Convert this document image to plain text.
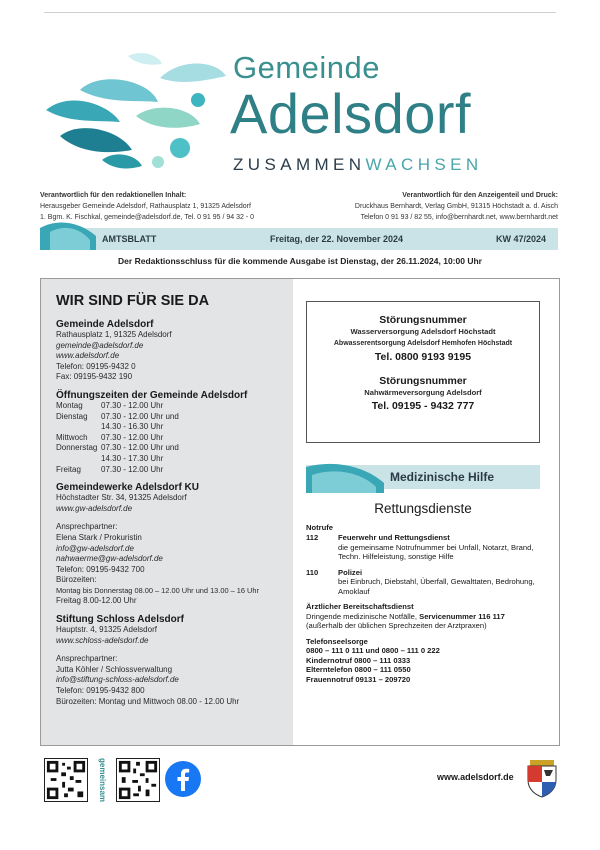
Gemeinde
Adelsdorf
ZUSAMMENWACHSEN
Verantwortlich für den redaktionellen Inhalt:
Herausgeber Gemeinde Adelsdorf, Rathausplatz 1, 91325 Adelsdorf
1. Bgm. K. Fischkal, gemeinde@adelsdorf.de, Tel. 0 91 95 / 94 32 - 0
Verantwortlich für den Anzeigenteil und Druck:
Druckhaus Bernhardt, Verlag GmbH, 91315 Höchstadt a. d. Aisch
Telefon 0 91 93 / 82 55, info@bernhardt.net, www.bernhardt.net
AMTSBLATT	Freitag, der 22. November 2024	KW 47/2024
Der Redaktionsschluss für die kommende Ausgabe ist Dienstag, der 26.11.2024, 10:00 Uhr
WIR SIND FÜR SIE DA
Gemeinde Adelsdorf
Rathausplatz 1, 91325 Adelsdorf
gemeinde@adelsdorf.de
www.adelsdorf.de
Telefon: 09195-9432 0
Fax: 09195-9432 190
Öffnungszeiten der Gemeinde Adelsdorf
Montag	07.30 - 12.00 Uhr
Dienstag	07.30 - 12.00 Uhr und
14.30 - 16.30 Uhr
Mittwoch	07.30 - 12.00 Uhr
Donnerstag 07.30 - 12.00 Uhr und
14.30 - 17.30 Uhr
Freitag	07.30 - 12.00 Uhr
Gemeindewerke Adelsdorf KU
Höchstadter Str. 34, 91325 Adelsdorf
www.gw-adelsdorf.de
Ansprechpartner:
Elena Stark / Prokuristin
info@gw-adelsdorf.de
nahwaerme@gw-adelsdorf.de
Telefon: 09195-9432 700
Bürozeiten:
Montag bis Donnerstag 08.00 – 12.00 Uhr und 13.00 – 16 Uhr
Freitag 8.00-12.00 Uhr
Stiftung Schloss Adelsdorf
Hauptstr. 4, 91325 Adelsdorf
www.schloss-adelsdorf.de
Ansprechpartner:
Jutta Köhler / Schlossverwaltung
info@stiftung-schloss-adelsdorf.de
Telefon: 09195-9432 800
Bürozeiten: Montag und Mittwoch 08.00 - 12.00 Uhr
Störungsnummer
Wasserversorgung Adelsdorf Höchstadt
Abwasserentsorgung Adelsdorf Hemhofen Höchstadt
Tel. 0800 9193 9195
Störungsnummer
Nahwärmeversorgung Adelsdorf
Tel. 09195 - 9432 777
Medizinische Hilfe
Rettungsdienste
Notrufe
112	Feuerwehr und Rettungsdienst
die gemeinsame Notrufnummer bei Unfall, Notarzt, Brand,
Techn. Hilfeleistung, sonstige Hilfe
110	Polizei
bei Einbruch, Diebstahl, Überfall, Gewalttaten, Bedrohung,
Amoklauf
Ärztlicher Bereitschaftsdienst
Dringende medizinische Notfälle, Servicenummer 116 117
(außerhalb der üblichen Sprechzeiten der Arztpraxen)
Telefonseelsorge
0800 – 111 0 111 und 0800 – 111 0 222
Kindernotruf 0800 – 111 0333
Elterntelefon 0800 – 111 0550
Frauennotruf 09131 – 209720
gemeinsam	www.adelsdorf.de
